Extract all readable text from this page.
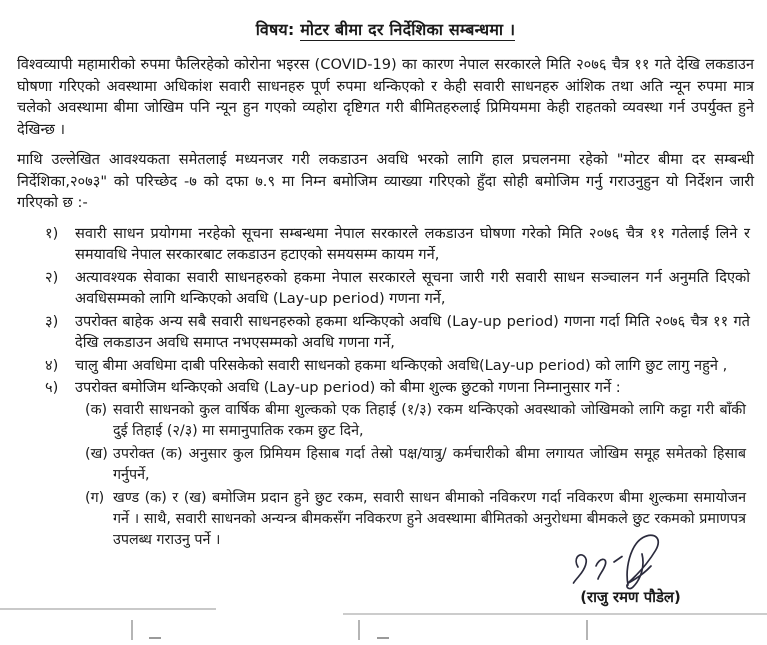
विषय: मोटर बीमा दर निर्देशिका सम्बन्धमा ।

विश्वव्यापी महामारीको रुपमा फैलिरहेको कोरोना भइरस (COVID-19) का कारण नेपाल सरकारले मिति २०७६ चैत्र ११ गते देखि लकडाउन घोषणा गरिएको अवस्थामा अधिकांश सवारी साधनहरु पूर्ण रुपमा थन्किएको र केही सवारी साधनहरु आंशिक तथा अति न्यून रुपमा मात्र चलेको अवस्थामा बीमा जोखिम पनि न्यून हुन गएको व्यहोरा दृष्टिगत गरी बीमितहरुलाई प्रिमियममा केही राहतको व्यवस्था गर्न उपर्युक्त हुने देखिन्छ ।

माथि उल्लेखित आवश्यकता समेतलाई मध्यनजर गरी लकडाउन अवधि भरको लागि हाल प्रचलनमा रहेको "मोटर बीमा दर सम्बन्धी निर्देशिका,२०७३" को परिच्छेद -७ को दफा ७.९ मा निम्न बमोजिम व्याख्या गरिएको हुँदा सोही बमोजिम गर्नु गराउनुहुन यो निर्देशन जारी गरिएको छ :-

१)	सवारी साधन प्रयोगमा नरहेको सूचना सम्बन्धमा नेपाल सरकारले लकडाउन घोषणा गरेको मिति २०७६ चैत्र ११ गतेलाई लिने र समयावधि नेपाल सरकारबाट लकडाउन हटाएको समयसम्म कायम गर्ने,
२)	अत्यावश्यक सेवाका सवारी साधनहरुको हकमा नेपाल सरकारले सूचना जारी गरी सवारी साधन सञ्चालन गर्न अनुमति दिएको अवधिसम्मको लागि थन्किएको अवधि (Lay-up period) गणना गर्ने,
३)	उपरोक्त बाहेक अन्य सबै सवारी साधनहरुको हकमा थन्किएको अवधि (Lay-up period) गणना गर्दा मिति २०७६ चैत्र ११ गते देखि लकडाउन अवधि समाप्त नभएसम्मको अवधि गणना गर्ने,
४)	चालु बीमा अवधिमा दाबी परिसकेको सवारी साधनको हकमा थन्किएको अवधि(Lay-up period) को लागि छुट लागु नहुने ,
५)	उपरोक्त बमोजिम थन्किएको अवधि (Lay-up period) को बीमा शुल्क छुटको गणना निम्नानुसार गर्ने :
(क) सवारी साधनको कुल वार्षिक बीमा शुल्कको एक तिहाई (१/३) रकम थन्किएको अवस्थाको जोखिमको लागि कट्टा गरी बाँकी दुई तिहाई (२/३) मा समानुपातिक रकम छुट दिने,
(ख) उपरोक्त (क) अनुसार कुल प्रिमियम हिसाब गर्दा तेस्रो पक्ष/यात्रु/ कर्मचारीको बीमा लगायत जोखिम समूह समेतको हिसाब गर्नुपर्ने,
(ग) खण्ड (क) र (ख) बमोजिम प्रदान हुने छुट रकम, सवारी साधन बीमाको नविकरण गर्दा नविकरण बीमा शुल्कमा समायोजन गर्ने । साथै, सवारी साधनको अन्यन्त्र बीमकसँग नविकरण हुने अवस्थामा बीमितको अनुरोधमा बीमकले छुट रकमको प्रमाणपत्र उपलब्ध गराउनु पर्ने ।
(राजु रमण पौडेल)
